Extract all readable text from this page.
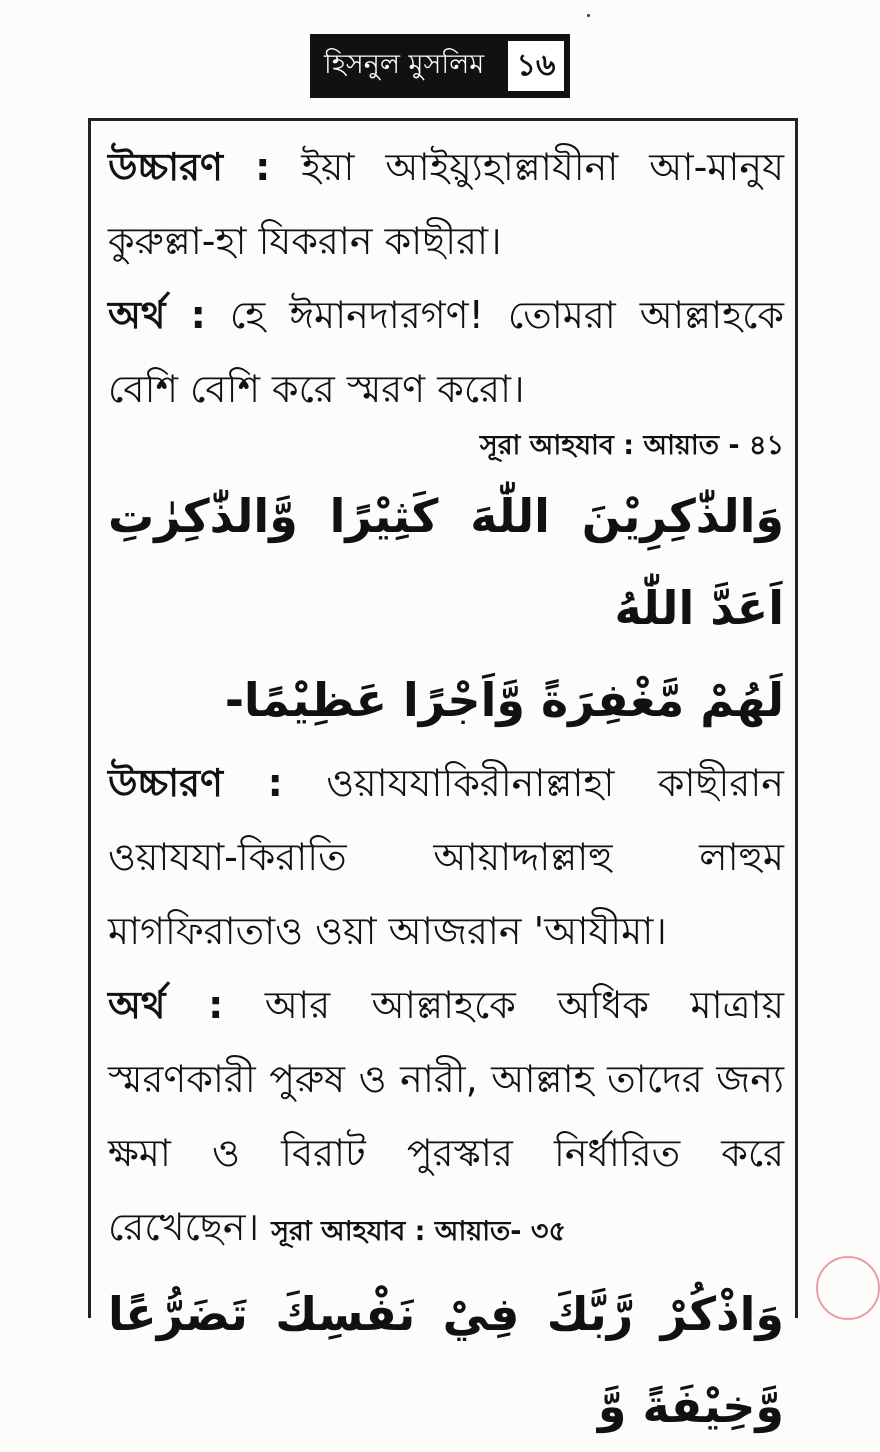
হিসনুল মুসলিম	১৬

উচ্চারণ : ইয়া আইয়্যুহাল্লাযীনা আ-মানুয কুরুল্লা-হা যিকরান কাছীরা।

অর্থ : হে ঈমানদারগণ! তোমরা আল্লাহকে বেশি বেশি করে স্মরণ করো।

সূরা আহযাব : আয়াত - ৪১

وَالذّٰكِرِيْنَ اللّٰهَ كَثِيْرًا وَّالذّٰكِرٰتِ اَعَدَّ اللّٰهُ

لَهُمْ مَّغْفِرَةً وَّاَجْرًا عَظِيْمًا-

উচ্চারণ : ওয়াযযাকিরীনাল্লাহা কাছীরান ওয়াযযা-কিরাতি আয়াদ্দাল্লাহু লাহুম মাগফিরাতাও ওয়া আজরান 'আযীমা।

অর্থ : আর আল্লাহকে অধিক মাত্রায় স্মরণকারী পুরুষ ও নারী, আল্লাহ তাদের জন্য ক্ষমা ও বিরাট পুরস্কার নির্ধারিত করে রেখেছেন। সূরা আহযাব : আয়াত- ৩৫

وَاذْكُرْ رَّبَّكَ فِيْ نَفْسِكَ تَضَرُّعًا وَّخِيْفَةً وَّ
